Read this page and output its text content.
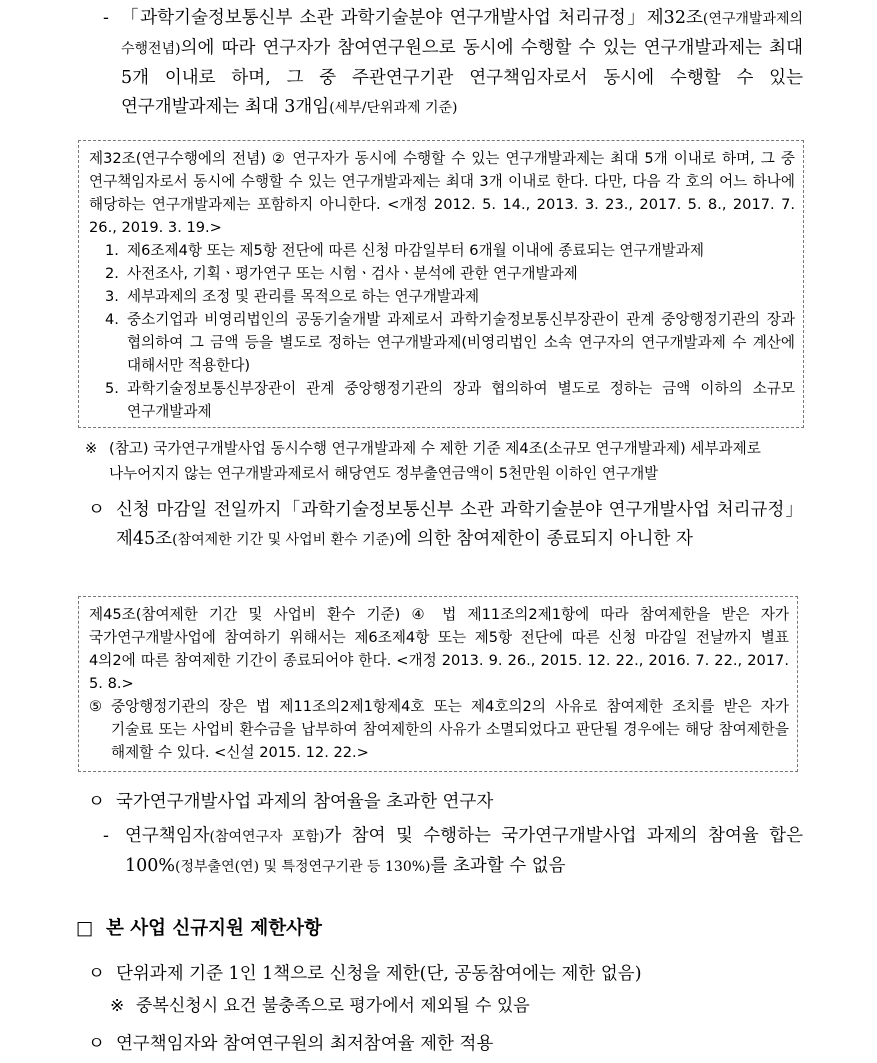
- 「과학기술정보통신부 소관 과학기술분야 연구개발사업 처리규정」제32조(연구개발과제의 수행전념)의에 따라 연구자가 참여연구원으로 동시에 수행할 수 있는 연구개발과제는 최대 5개 이내로 하며, 그 중 주관연구기관 연구책임자로서 동시에 수행할 수 있는 연구개발과제는 최대 3개임(세부/단위과제 기준)

제32조(연구수행에의 전념) ② 연구자가 동시에 수행할 수 있는 연구개발과제는 최대 5개 이내로 하며, 그 중 연구책임자로서 동시에 수행할 수 있는 연구개발과제는 최대 3개 이내로 한다. 다만, 다음 각 호의 어느 하나에 해당하는 연구개발과제는 포함하지 아니한다. <개정 2012. 5. 14., 2013. 3. 23., 2017. 5. 8., 2017. 7. 26., 2019. 3. 19.>

1. 제6조제4항 또는 제5항 전단에 따른 신청 마감일부터 6개월 이내에 종료되는 연구개발과제
2. 사전조사, 기획ㆍ평가연구 또는 시험ㆍ검사ㆍ분석에 관한 연구개발과제
3. 세부과제의 조정 및 관리를 목적으로 하는 연구개발과제
4. 중소기업과 비영리법인의 공동기술개발 과제로서 과학기술정보통신부장관이 관계 중앙행정기관의 장과 협의하여 그 금액 등을 별도로 정하는 연구개발과제(비영리법인 소속 연구자의 연구개발과제 수 계산에 대해서만 적용한다)
5. 과학기술정보통신부장관이 관계 중앙행정기관의 장과 협의하여 별도로 정하는 금액 이하의 소규모 연구개발과제
※ (참고) 국가연구개발사업 동시수행 연구개발과제 수 제한 기준 제4조(소규모 연구개발과제) 세부과제로 나누어지지 않는 연구개발과제로서 해당연도 정부출연금액이 5천만원 이하인 연구개발
ㅇ 신청 마감일 전일까지「과학기술정보통신부 소관 과학기술분야 연구개발사업 처리규정」제45조(참여제한 기간 및 사업비 환수 기준)에 의한 참여제한이 종료되지 아니한 자

제45조(참여제한 기간 및 사업비 환수 기준) ④ 법 제11조의2제1항에 따라 참여제한을 받은 자가 국가연구개발사업에 참여하기 위해서는 제6조제4항 또는 제5항 전단에 따른 신청 마감일 전날까지 별표 4의2에 따른 참여제한 기간이 종료되어야 한다. <개정 2013. 9. 26., 2015. 12. 22., 2016. 7. 22., 2017. 5. 8.>

⑤ 중앙행정기관의 장은 법 제11조의2제1항제4호 또는 제4호의2의 사유로 참여제한 조치를 받은 자가 기술료 또는 사업비 환수금을 납부하여 참여제한의 사유가 소멸되었다고 판단될 경우에는 해당 참여제한을 해제할 수 있다. <신설 2015. 12. 22.>
ㅇ 국가연구개발사업 과제의 참여율을 초과한 연구자
- 연구책임자(참여연구자 포함)가 참여 및 수행하는 국가연구개발사업 과제의 참여율 합은 100%(정부출연(연) 및 특정연구기관 등 130%)를 초과할 수 없음
□ 본 사업 신규지원 제한사항
ㅇ 단위과제 기준 1인 1책으로 신청을 제한(단, 공동참여에는 제한 없음)
※ 중복신청시 요건 불충족으로 평가에서 제외될 수 있음
ㅇ 연구책임자와 참여연구원의 최저참여율 제한 적용
